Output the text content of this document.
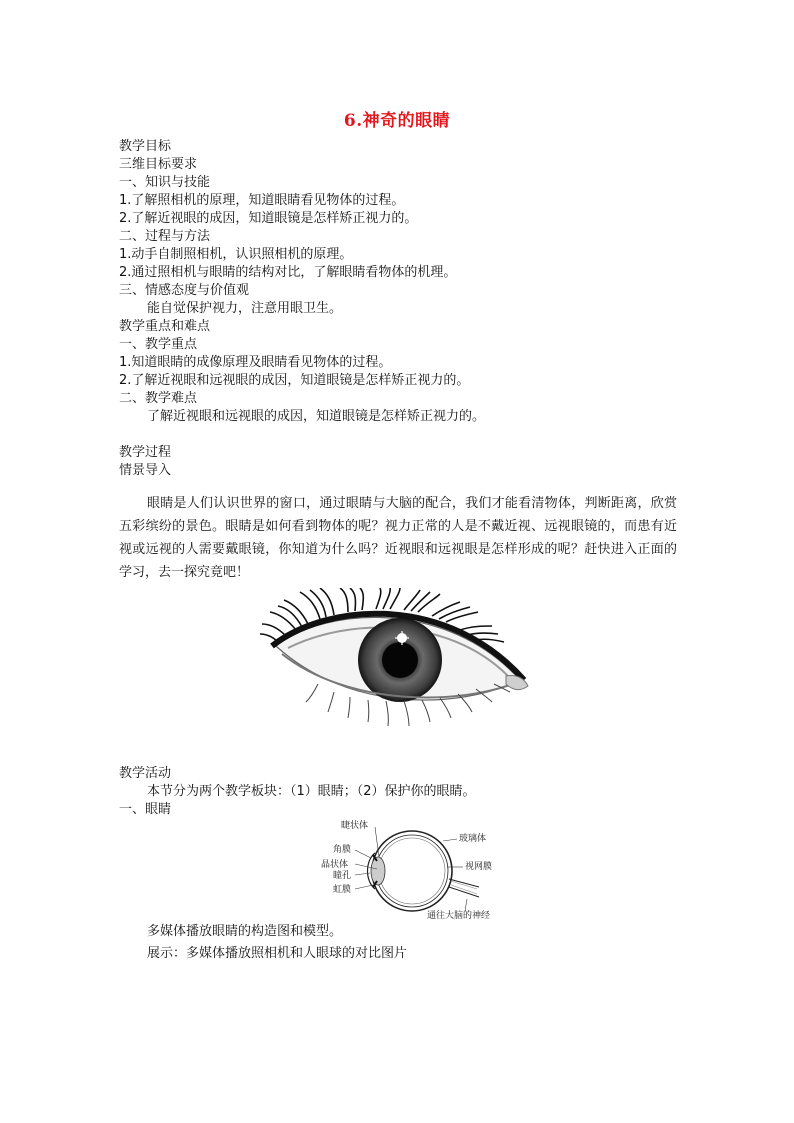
6.神奇的眼睛
教学目标
三维目标要求
一、知识与技能
1.了解照相机的原理，知道眼睛看见物体的过程。
2.了解近视眼的成因，知道眼镜是怎样矫正视力的。
二、过程与方法
1.动手自制照相机，认识照相机的原理。
2.通过照相机与眼睛的结构对比，了解眼睛看物体的机理。
三、情感态度与价值观
能自觉保护视力，注意用眼卫生。
教学重点和难点
一、教学重点
1.知道眼睛的成像原理及眼睛看见物体的过程。
2.了解近视眼和远视眼的成因，知道眼镜是怎样矫正视力的。
二、教学难点
了解近视眼和远视眼的成因，知道眼镜是怎样矫正视力的。
教学过程
情景导入
眼睛是人们认识世界的窗口，通过眼睛与大脑的配合，我们才能看清物体，判断距离，欣赏五彩缤纷的景色。眼睛是如何看到物体的呢？视力正常的人是不戴近视、远视眼镜的，而患有近视或远视的人需要戴眼镜，你知道为什么吗？近视眼和远视眼是怎样形成的呢？赶快进入正面的学习，去一探究竟吧！
教学活动
本节分为两个教学板块：（1）眼睛；（2）保护你的眼睛。
一、眼睛
睫状体
角膜
晶状体
瞳孔
虹膜
玻璃体
视网膜
通往大脑的神经
多媒体播放眼睛的构造图和模型。
展示：多媒体播放照相机和人眼球的对比图片
